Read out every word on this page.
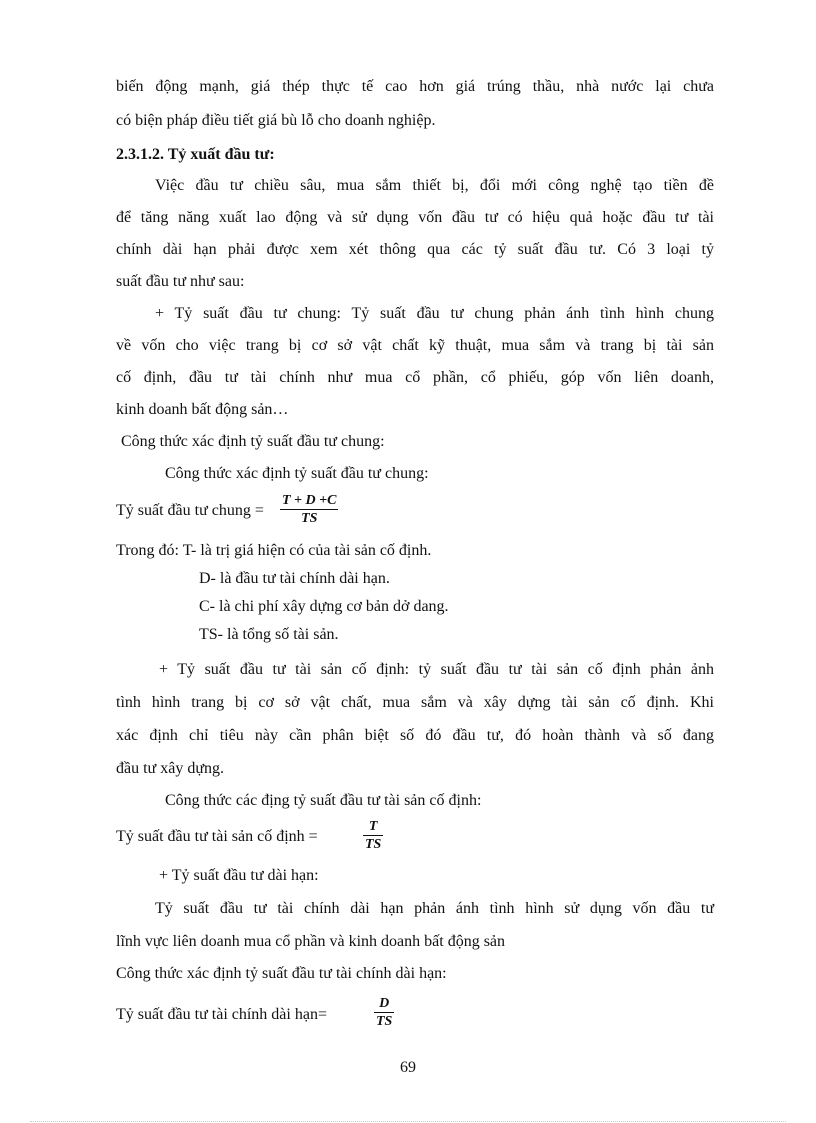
biến động mạnh, giá thép thực tế cao hơn giá trúng thầu, nhà nước lại chưa
có biện pháp điều tiết giá bù lỗ cho doanh nghiệp.
2.3.1.2. Tỷ xuất đầu tư:
Việc đầu tư chiều sâu, mua sắm thiết bị, đổi mới công nghệ tạo tiền đề
để tăng năng xuất lao động và sử dụng vốn đầu tư có hiệu quả hoặc đầu tư tài
chính dài hạn phải được xem xét thông qua các tỷ suất đầu tư. Có 3 loại tỷ
suất đầu tư như sau:
+ Tỷ suất đầu tư chung: Tỷ suất đầu tư chung phản ánh tình hình chung
về vốn cho việc trang bị cơ sở vật chất kỹ thuật, mua sắm và trang bị tài sản
cố định, đầu tư tài chính như mua cổ phần, cổ phiếu, góp vốn liên doanh,
kinh doanh bất động sản…
Công thức xác định tỷ suất đầu tư chung:
Công thức xác định tỷ suất đầu tư chung:
Tỷ suất đầu tư chung = $\frac{T + D +C}{TS}$
Trong đó: T- là trị giá hiện có của tài sản cố định.
D- là đầu tư tài chính dài hạn.
C- là chi phí xây dựng cơ bản dở dang.
TS- là tổng số tài sản.
+ Tỷ suất đầu tư tài sản cố định: tỷ suất đầu tư tài sản cố định phản ảnh
tình hình trang bị cơ sở vật chất, mua sắm và xây dựng tài sản cố định. Khi
xác định chỉ tiêu này cần phân biệt số đó đầu tư, đó hoàn thành và số đang
đầu tư xây dựng.
Công thức các địng tỷ suất đầu tư tài sản cố định:
Tỷ suất đầu tư tài sản cố định =	$\frac{T}{TS}$
+ Tỷ suất đầu tư dài hạn:
Tỷ suất đầu tư tài chính dài hạn phản ánh tình hình sử dụng vốn đầu tư
lĩnh vực liên doanh mua cổ phần và kinh doanh bất động sản
Công thức xác định tỷ suất đầu tư tài chính dài hạn:
Tỷ suất đầu tư tài chính dài hạn=	$\frac{D}{TS}$
69
